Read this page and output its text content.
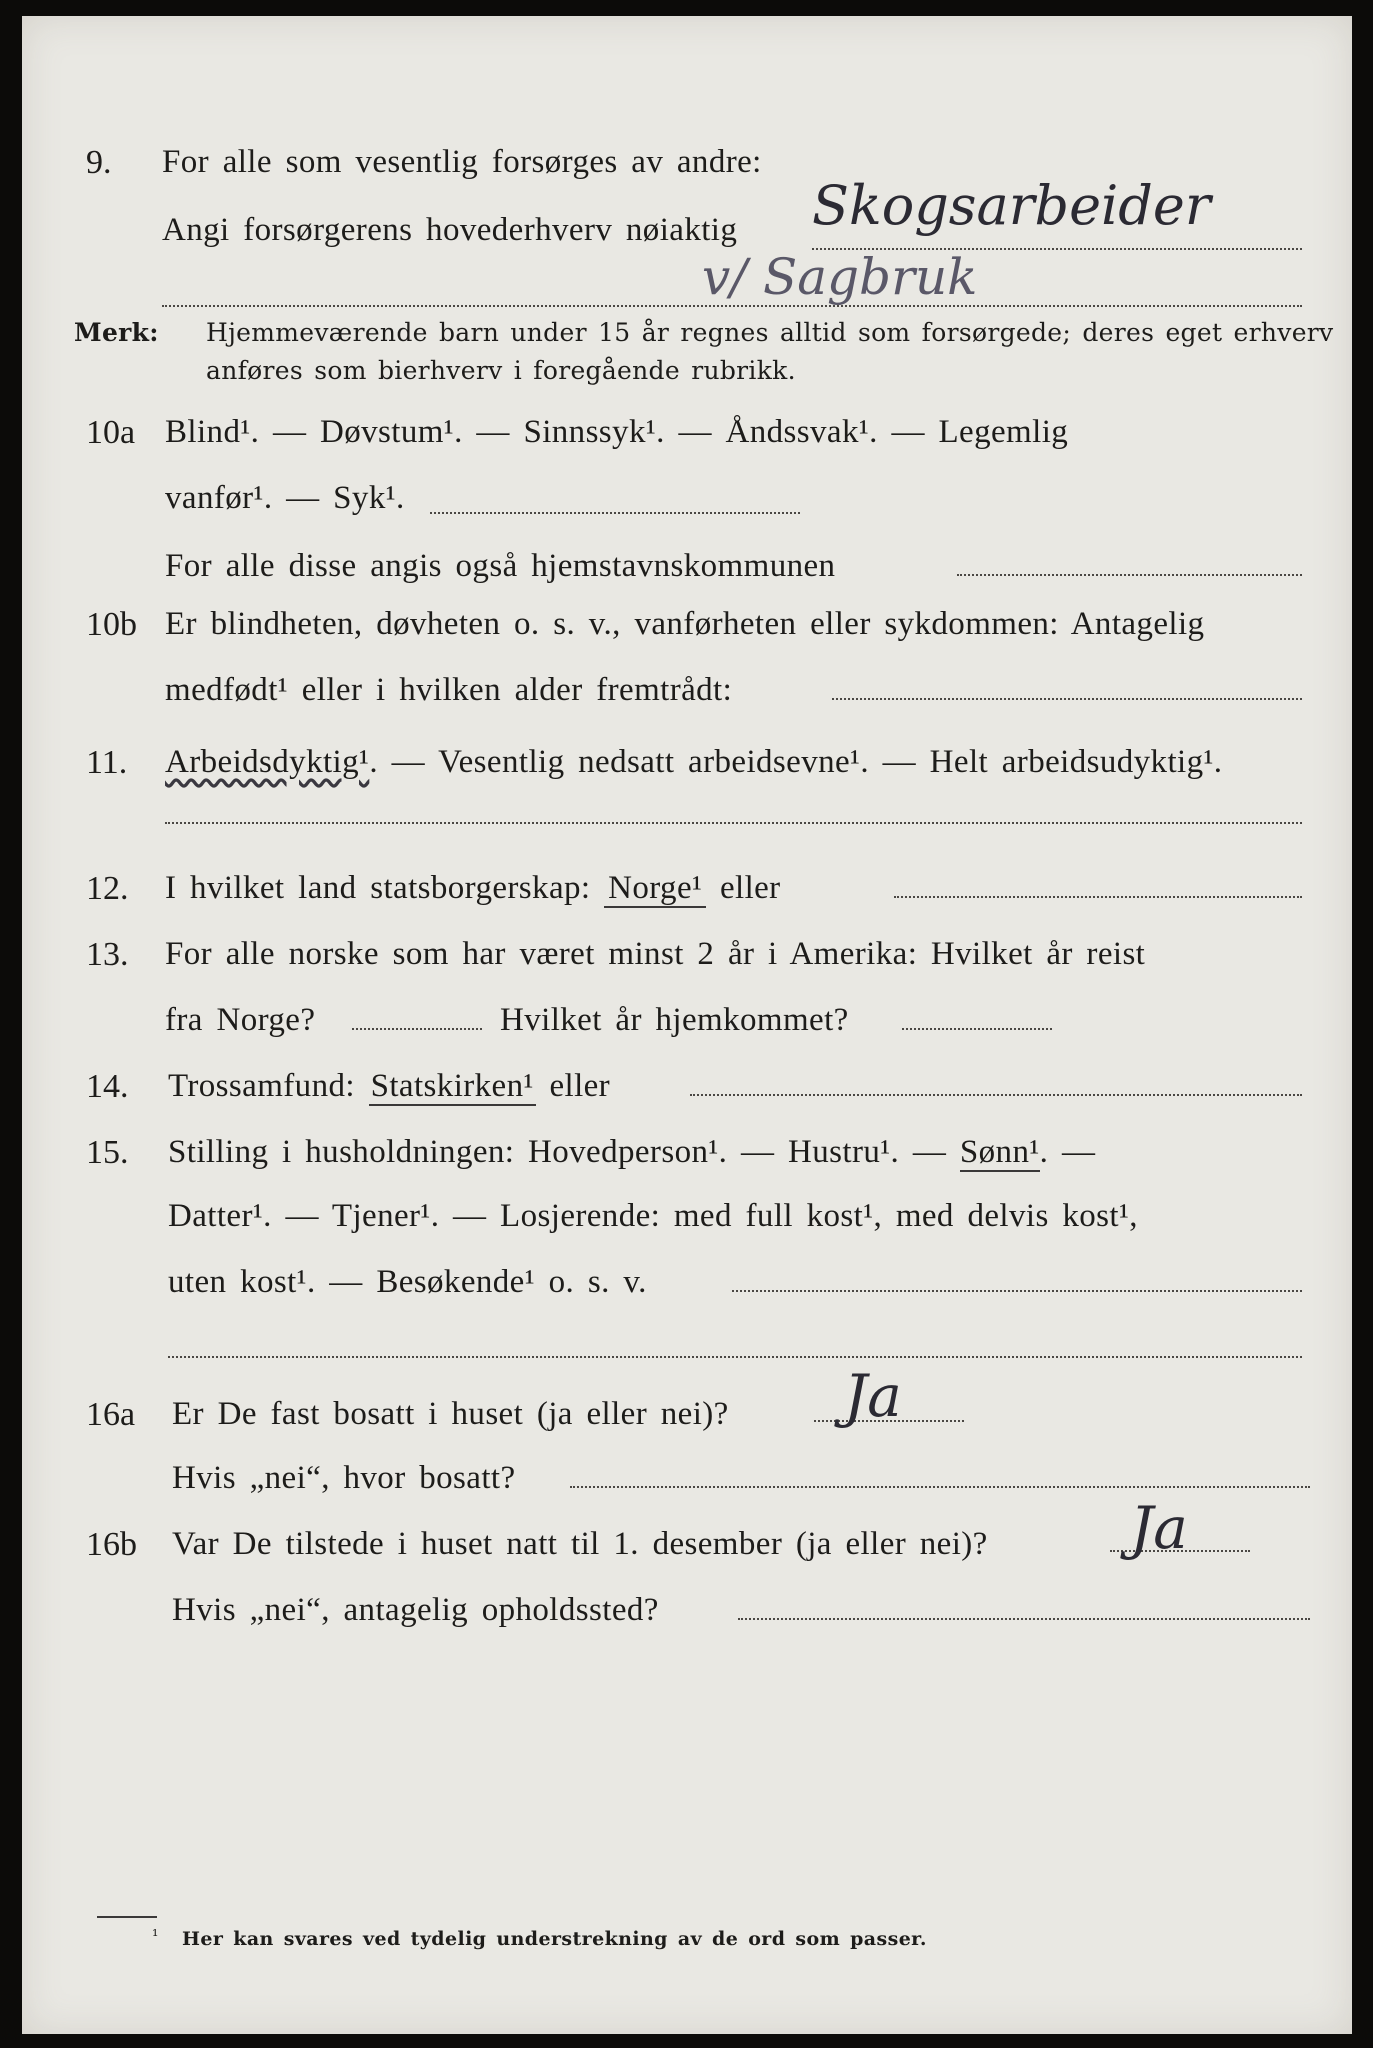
9. For alle som vesentlig forsørges av andre:
Angi forsørgerens hovederhverv nøiaktig Skogsarbeider
v/ Sagbruk
Merk: Hjemmeværende barn under 15 år regnes alltid som forsørgede; deres eget erhverv
anføres som bierhverv i foregående rubrikk.
10a Blind¹. — Døvstum¹. — Sinnssyk¹. — Åndssvak¹. — Legemlig
vanfør¹. — Syk¹.
For alle disse angis også hjemstavnskommunen
10b Er blindheten, døvheten o. s. v., vanførheten eller sykdommen: Antagelig
medfødt¹ eller i hvilken alder fremtrådt:
11. Arbeidsdyktig¹. — Vesentlig nedsatt arbeidsevne¹. — Helt arbeidsudyktig¹.
12. I hvilket land statsborgerskap: Norge¹ eller
13. For alle norske som har været minst 2 år i Amerika: Hvilket år reist
fra Norge?	Hvilket år hjemkommet?
14. Trossamfund: Statskirken¹ eller
15. Stilling i husholdningen: Hovedperson¹. — Hustru¹. — Sønn¹. —
Datter¹. — Tjener¹. — Losjerende: med full kost¹, med delvis kost¹,
uten kost¹. — Besøkende¹ o. s. v.
16a Er De fast bosatt i huset (ja eller nei)? Ja
Hvis „nei“, hvor bosatt?
16b Var De tilstede i huset natt til 1. desember (ja eller nei)? Ja
Hvis „nei“, antagelig opholdssted?
¹ Her kan svares ved tydelig understrekning av de ord som passer.
